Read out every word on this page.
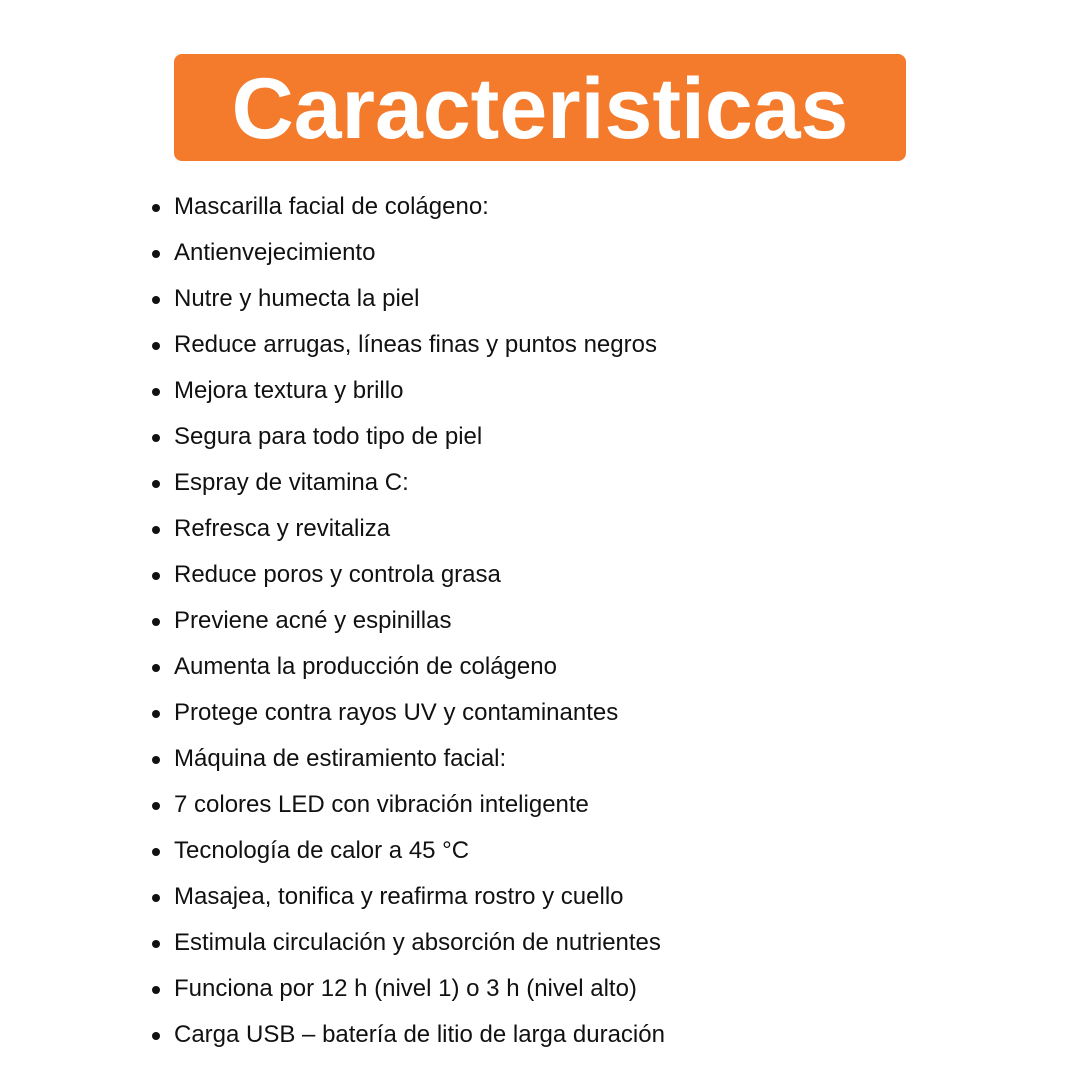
Caracteristicas
Mascarilla facial de colágeno:
Antienvejecimiento
Nutre y humecta la piel
Reduce arrugas, líneas finas y puntos negros
Mejora textura y brillo
Segura para todo tipo de piel
Espray de vitamina C:
Refresca y revitaliza
Reduce poros y controla grasa
Previene acné y espinillas
Aumenta la producción de colágeno
Protege contra rayos UV y contaminantes
Máquina de estiramiento facial:
7 colores LED con vibración inteligente
Tecnología de calor a 45 °C
Masajea, tonifica y reafirma rostro y cuello
Estimula circulación y absorción de nutrientes
Funciona por 12 h (nivel 1) o 3 h (nivel alto)
Carga USB – batería de litio de larga duración
